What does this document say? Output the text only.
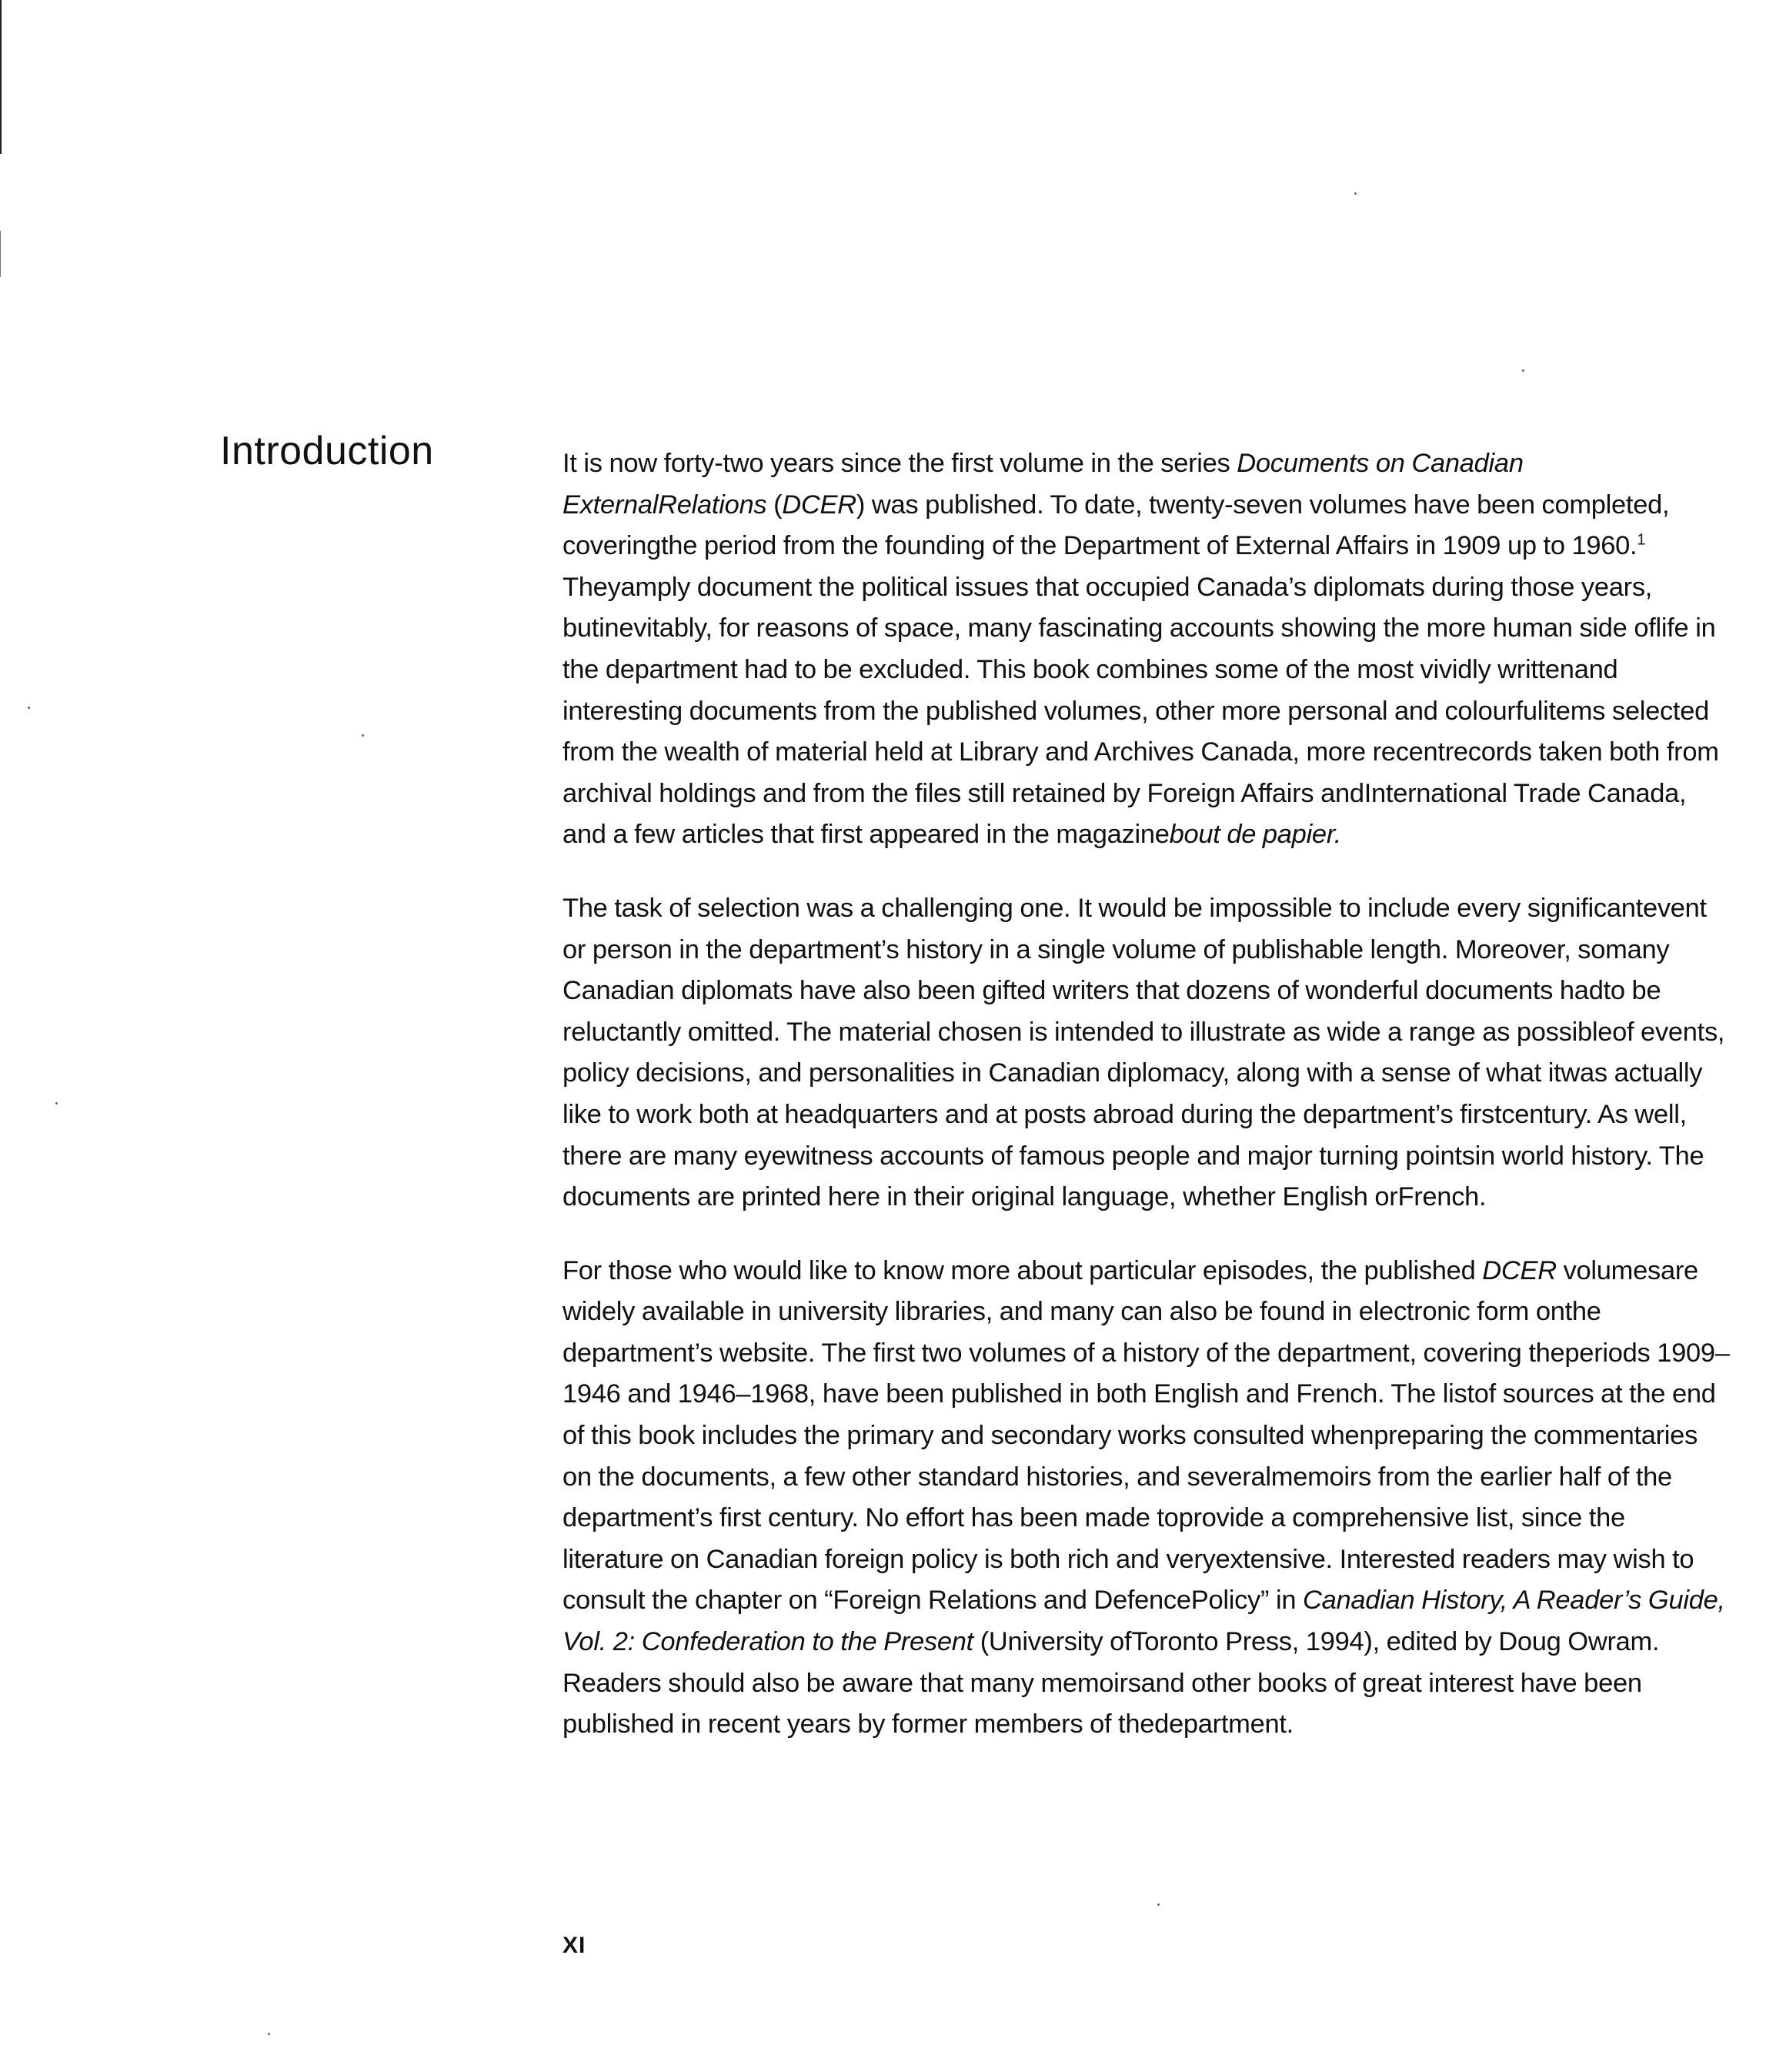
Introduction	It is now forty-two years since the first volume in the series Documents on Canadian ExternalRelations (DCER) was published. To date, twenty-seven volumes have been completed, coveringthe period from the founding of the Department of External Affairs in 1909 up to 1960.$^1$ Theyamply document the political issues that occupied Canada’s diplomats during those years, butinevitably, for reasons of space, many fascinating accounts showing the more human side oflife in the department had to be excluded. This book combines some of the most vividly writtenand interesting documents from the published volumes, other more personal and colourfulitems selected from the wealth of material held at Library and Archives Canada, more recentrecords taken both from archival holdings and from the files still retained by Foreign Affairs andInternational Trade Canada, and a few articles that first appeared in the magazinebout de papier.

The task of selection was a challenging one. It would be impossible to include every significantevent or person in the department’s history in a single volume of publishable length. Moreover, somany Canadian diplomats have also been gifted writers that dozens of wonderful documents hadto be reluctantly omitted. The material chosen is intended to illustrate as wide a range as possibleof events, policy decisions, and personalities in Canadian diplomacy, along with a sense of what itwas actually like to work both at headquarters and at posts abroad during the department’s firstcentury. As well, there are many eyewitness accounts of famous people and major turning pointsin world history. The documents are printed here in their original language, whether English orFrench.

For those who would like to know more about particular episodes, the published DCER volumesare widely available in university libraries, and many can also be found in electronic form onthe department’s website. The first two volumes of a history of the department, covering theperiods 1909–1946 and 1946–1968, have been published in both English and French. The listof sources at the end of this book includes the primary and secondary works consulted whenpreparing the commentaries on the documents, a few other standard histories, and severalmemoirs from the earlier half of the department’s first century. No effort has been made toprovide a comprehensive list, since the literature on Canadian foreign policy is both rich and veryextensive. Interested readers may wish to consult the chapter on “Foreign Relations and DefencePolicy” in Canadian History, A Reader’s Guide, Vol. 2: Confederation to the Present (University ofToronto Press, 1994), edited by Doug Owram. Readers should also be aware that many memoirsand other books of great interest have been published in recent years by former members of thedepartment.

XI
